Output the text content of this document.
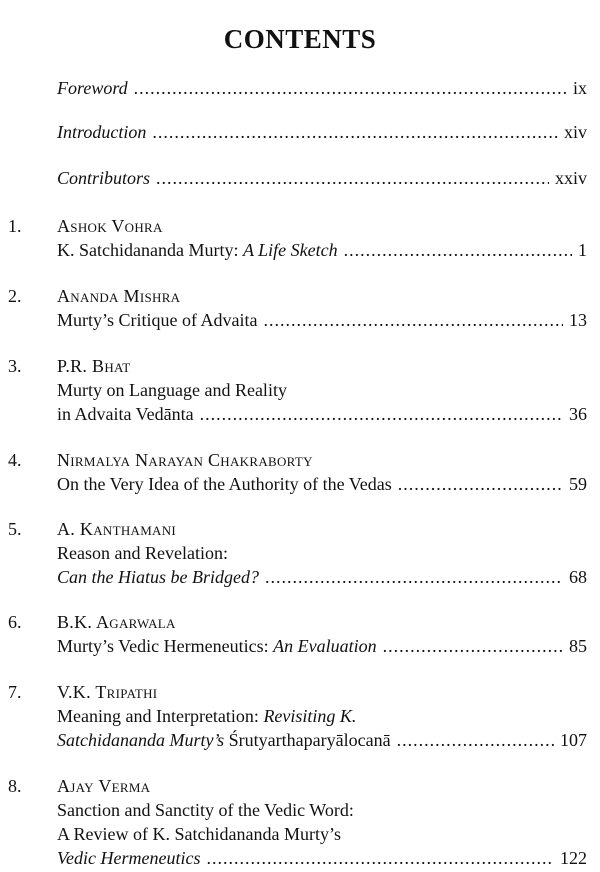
CONTENTS
Foreword .....	ix
Introduction .....	xiv
Contributors .....	xxiv
1. Ashok Vohra
K. Satchidananda Murty: A Life Sketch .....	1
2. Ananda Mishra
Murty’s Critique of Advaita .....	13
3. P.R. Bhat
Murty on Language and Reality
in Advaita Vedānta .....	36
4. Nirmalya Narayan Chakraborty
On the Very Idea of the Authority of the Vedas .....	59
5. A. Kanthamani
Reason and Revelation:
Can the Hiatus be Bridged? .....	68
6. B.K. Agarwala
Murty’s Vedic Hermeneutics: An Evaluation .....	85
7. V.K. Tripathi
Meaning and Interpretation: Revisiting K.
Satchidananda Murty’s Śrutyarthaparyālocanā .....	107
8. Ajay Verma
Sanction and Sanctity of the Vedic Word:
A Review of K. Satchidananda Murty’s
Vedic Hermeneutics .....	122
